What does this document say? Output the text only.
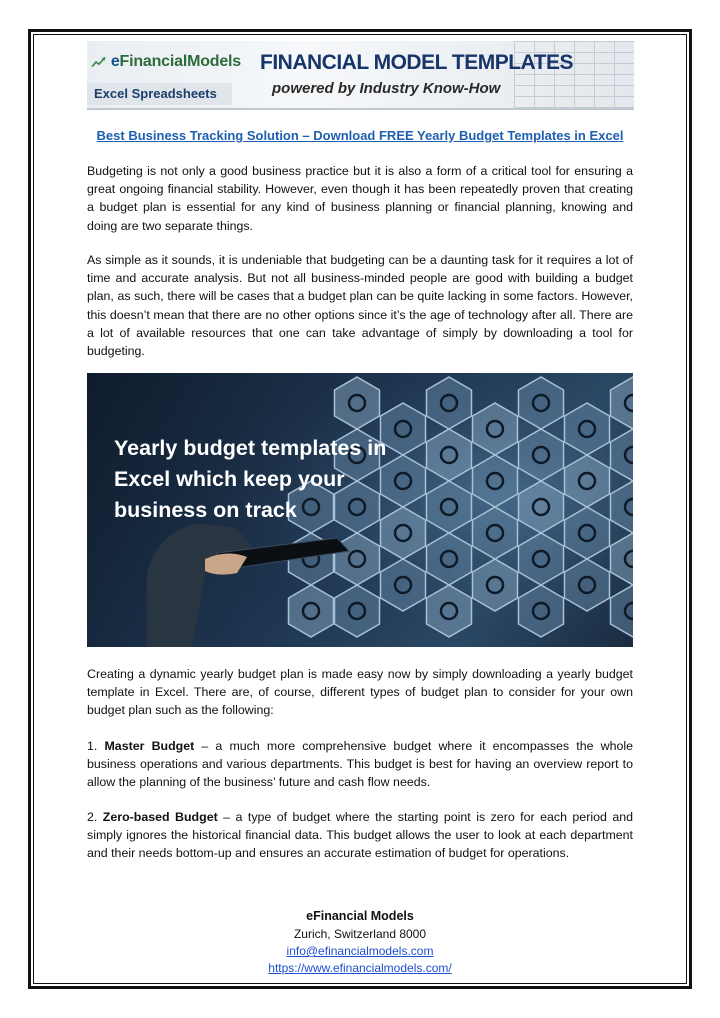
eFinancialModels
Excel Spreadsheets
FINANCIAL MODEL TEMPLATES
powered by Industry Know-How
Best Business Tracking Solution – Download FREE Yearly Budget Templates in Excel

Budgeting is not only a good business practice but it is also a form of a critical tool for ensuring a great ongoing financial stability. However, even though it has been repeatedly proven that creating a budget plan is essential for any kind of business planning or financial planning, knowing and doing are two separate things.

As simple as it sounds, it is undeniable that budgeting can be a daunting task for it requires a lot of time and accurate analysis. But not all business-minded people are good with building a budget plan, as such, there will be cases that a budget plan can be quite lacking in some factors. However, this doesn’t mean that there are no other options since it’s the age of technology after all. There are a lot of available resources that one can take advantage of simply by downloading a tool for budgeting.

Yearly budget templates in Excel which keep your business on track

Creating a dynamic yearly budget plan is made easy now by simply downloading a yearly budget template in Excel. There are, of course, different types of budget plan to consider for your own budget plan such as the following:

1. Master Budget – a much more comprehensive budget where it encompasses the whole business operations and various departments. This budget is best for having an overview report to allow the planning of the business’ future and cash flow needs.

2. Zero-based Budget – a type of budget where the starting point is zero for each period and simply ignores the historical financial data. This budget allows the user to look at each department and their needs bottom-up and ensures an accurate estimation of budget for operations.

eFinancial Models
Zurich, Switzerland 8000
info@efinancialmodels.com
https://www.efinancialmodels.com/
